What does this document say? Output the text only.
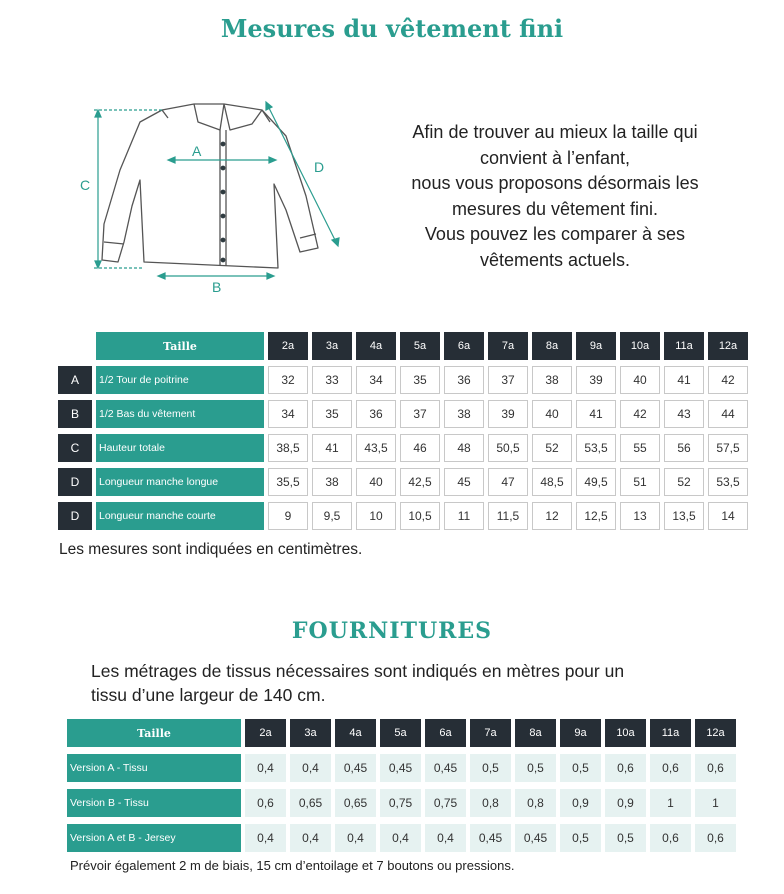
Mesures du vêtement fini
A
B
C
D
Afin de trouver au mieux la taille qui
convient à l’enfant,
nous vous proposons désormais les
mesures du vêtement fini.
Vous pouvez les comparer à ses
vêtements actuels.
	Taille	2a	3a	4a	5a	6a	7a	8a	9a	10a	11a	12a
A	1/2 Tour de poitrine	32	33	34	35	36	37	38	39	40	41	42
B	1/2 Bas du vêtement	34	35	36	37	38	39	40	41	42	43	44
C	Hauteur totale	38,5	41	43,5	46	48	50,5	52	53,5	55	56	57,5
D	Longueur manche longue	35,5	38	40	42,5	45	47	48,5	49,5	51	52	53,5
D	Longueur manche courte	9	9,5	10	10,5	11	11,5	12	12,5	13	13,5	14
Les mesures sont indiquées en centimètres.
FOURNITURES
Les métrages de tissus nécessaires sont indiqués en mètres pour un
tissu d’une largeur de 140 cm.
Taille	2a	3a	4a	5a	6a	7a	8a	9a	10a	11a	12a
Version A - Tissu	0,4	0,4	0,45	0,45	0,45	0,5	0,5	0,5	0,6	0,6	0,6
Version B - Tissu	0,6	0,65	0,65	0,75	0,75	0,8	0,8	0,9	0,9	1	1
Version A et B - Jersey	0,4	0,4	0,4	0,4	0,4	0,45	0,45	0,5	0,5	0,6	0,6
Prévoir également 2 m de biais, 15 cm d’entoilage et 7 boutons ou pressions.
